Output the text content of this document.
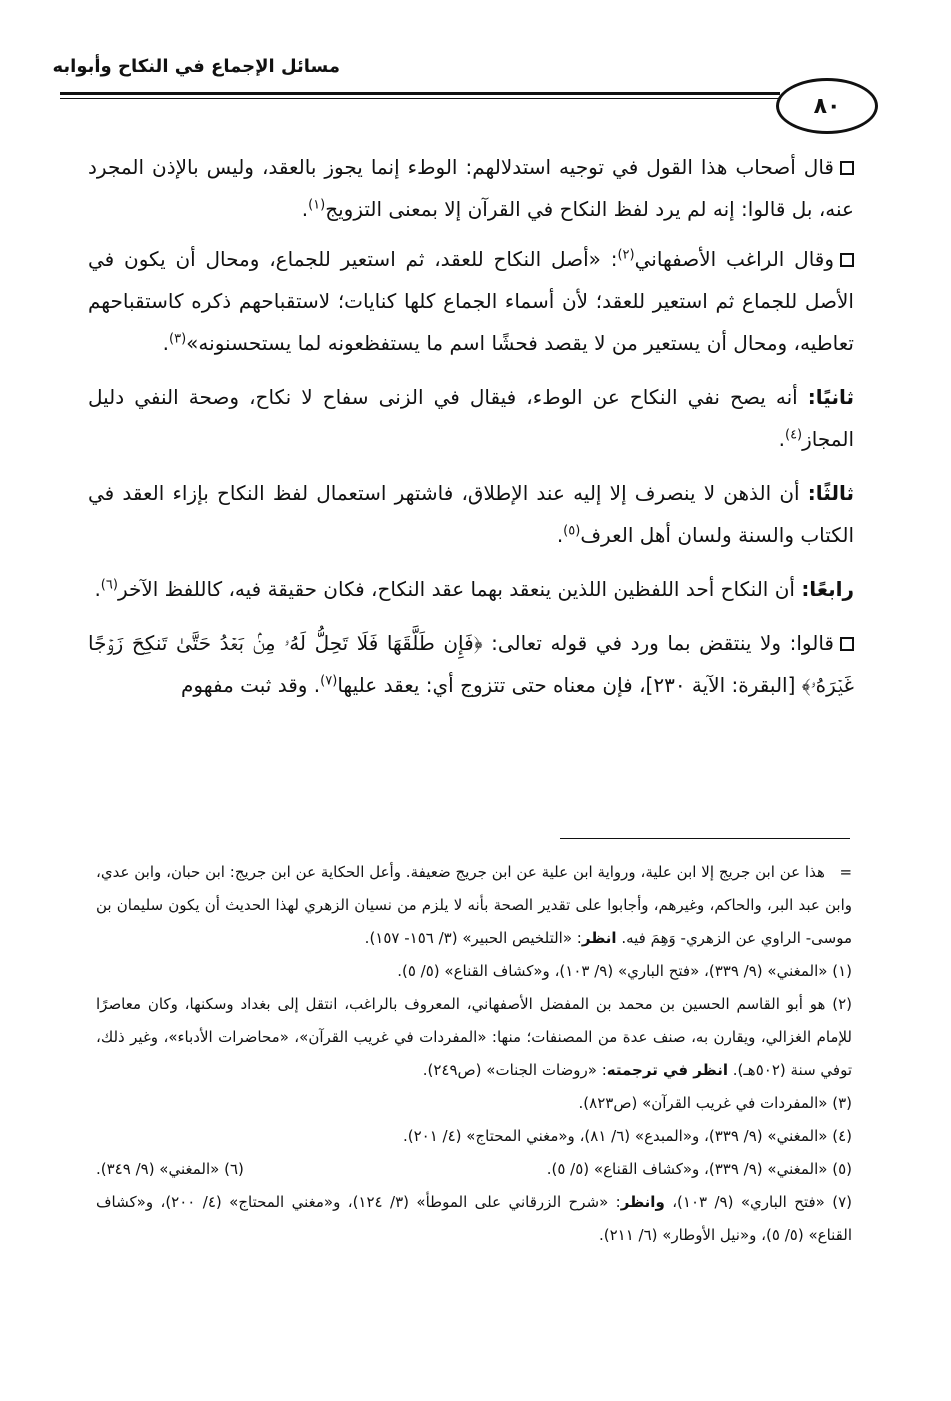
مسائل الإجماع في النكاح وأبوابه
٨٠

قال أصحاب هذا القول في توجيه استدلالهم: الوطء إنما يجوز بالعقد، وليس بالإذن المجرد عنه، بل قالوا: إنه لم يرد لفظ النكاح في القرآن إلا بمعنى التزويج$^{(١)}$.

وقال الراغب الأصفهاني$^{(٢)}$: «أصل النكاح للعقد، ثم استعير للجماع، ومحال أن يكون في الأصل للجماع ثم استعير للعقد؛ لأن أسماء الجماع كلها كنايات؛ لاستقباحهم ذكره كاستقباحهم تعاطيه، ومحال أن يستعير من لا يقصد فحشًا اسم ما يستفظعونه لما يستحسنونه»$^{(٣)}$.

ثانيًا: أنه يصح نفي النكاح عن الوطء، فيقال في الزنى سفاح لا نكاح، وصحة النفي دليل المجاز$^{(٤)}$.

ثالثًا: أن الذهن لا ينصرف إلا إليه عند الإطلاق، فاشتهر استعمال لفظ النكاح بإزاء العقد في الكتاب والسنة ولسان أهل العرف$^{(٥)}$.

رابعًا: أن النكاح أحد اللفظين اللذين ينعقد بهما عقد النكاح، فكان حقيقة فيه، كاللفظ الآخر$^{(٦)}$.

قالوا: ولا ينتقض بما ورد في قوله تعالى: ﴿فَإِن طَلَّقَهَا فَلَا تَحِلُّ لَهُۥ مِنۢ بَعۡدُ حَتَّىٰ تَنكِحَ زَوۡجًا غَيۡرَهُۥ﴾ [البقرة: الآية ٢٣٠]، فإن معناه حتى تتزوج أي: يعقد عليها$^{(٧)}$. وقد ثبت مفهوم

=   هذا عن ابن جريج إلا ابن علية، ورواية ابن علية عن ابن جريج ضعيفة. وأعل الحكاية عن ابن جريج: ابن حبان، وابن عدي، وابن عبد البر، والحاكم، وغيرهم، وأجابوا على تقدير الصحة بأنه لا يلزم من نسيان الزهري لهذا الحديث أن يكون سليمان بن موسى- الراوي عن الزهري- وَهِمَ فيه. انظر: «التلخيص الحبير» (٣/ ١٥٦- ١٥٧).

(١) «المغني» (٩/ ٣٣٩)، «فتح الباري» (٩/ ١٠٣)، و«كشاف القناع» (٥/ ٥).

(٢) هو أبو القاسم الحسين بن محمد بن المفضل الأصفهاني، المعروف بالراغب، انتقل إلى بغداد وسكنها، وكان معاصرًا للإمام الغزالي، ويقارن به، صنف عدة من المصنفات؛ منها: «المفردات في غريب القرآن»، «محاضرات الأدباء»، وغير ذلك، توفي سنة (٥٠٢هـ). انظر في ترجمته: «روضات الجنات» (ص٢٤٩).

(٣) «المفردات في غريب القرآن» (ص٨٢٣).

(٤) «المغني» (٩/ ٣٣٩)، و«المبدع» (٦/ ٨١)، و«مغني المحتاج» (٤/ ٢٠١).

(٥) «المغني» (٩/ ٣٣٩)، و«كشاف القناع» (٥/ ٥).
(٦) «المغني» (٩/ ٣٤٩).

(٧) «فتح الباري» (٩/ ١٠٣)، وانظر: «شرح الزرقاني على الموطأ» (٣/ ١٢٤)، و«مغني المحتاج» (٤/ ٢٠٠)، و«كشاف القناع» (٥/ ٥)، و«نيل الأوطار» (٦/ ٢١١).
